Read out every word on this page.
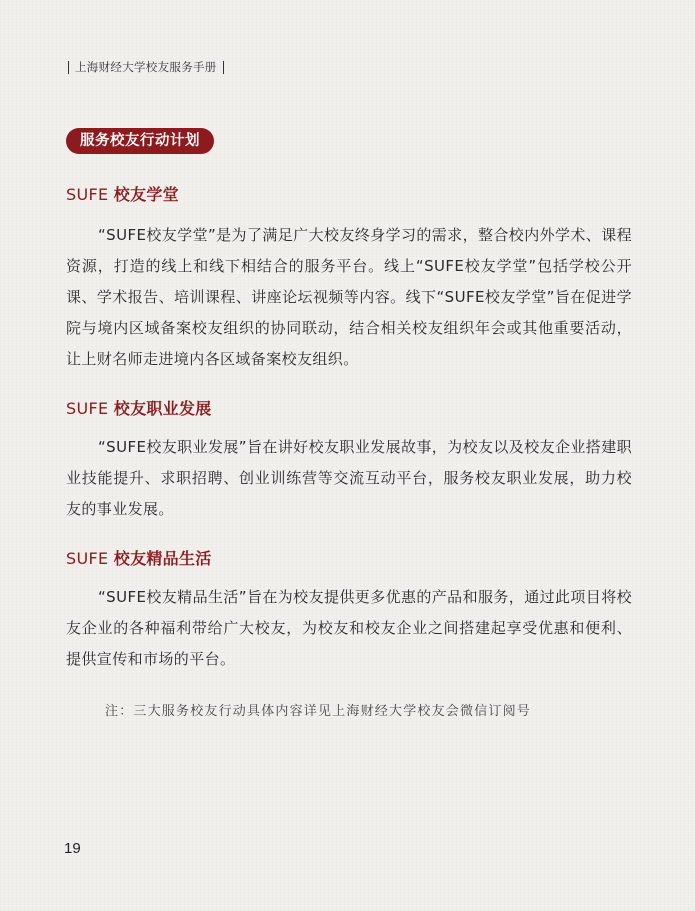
上海财经大学校友服务手册
服务校友行动计划
SUFE 校友学堂

“SUFE校友学堂”是为了满足广大校友终身学习的需求，整合校内外学术、课程资源，打造的线上和线下相结合的服务平台。线上“SUFE校友学堂”包括学校公开课、学术报告、培训课程、讲座论坛视频等内容。线下“SUFE校友学堂”旨在促进学院与境内区域备案校友组织的协同联动，结合相关校友组织年会或其他重要活动，让上财名师走进境内各区域备案校友组织。

SUFE 校友职业发展

“SUFE校友职业发展”旨在讲好校友职业发展故事，为校友以及校友企业搭建职业技能提升、求职招聘、创业训练营等交流互动平台，服务校友职业发展，助力校友的事业发展。

SUFE 校友精品生活

“SUFE校友精品生活”旨在为校友提供更多优惠的产品和服务，通过此项目将校友企业的各种福利带给广大校友，为校友和校友企业之间搭建起享受优惠和便利、提供宣传和市场的平台。

注：三大服务校友行动具体内容详见上海财经大学校友会微信订阅号
19
